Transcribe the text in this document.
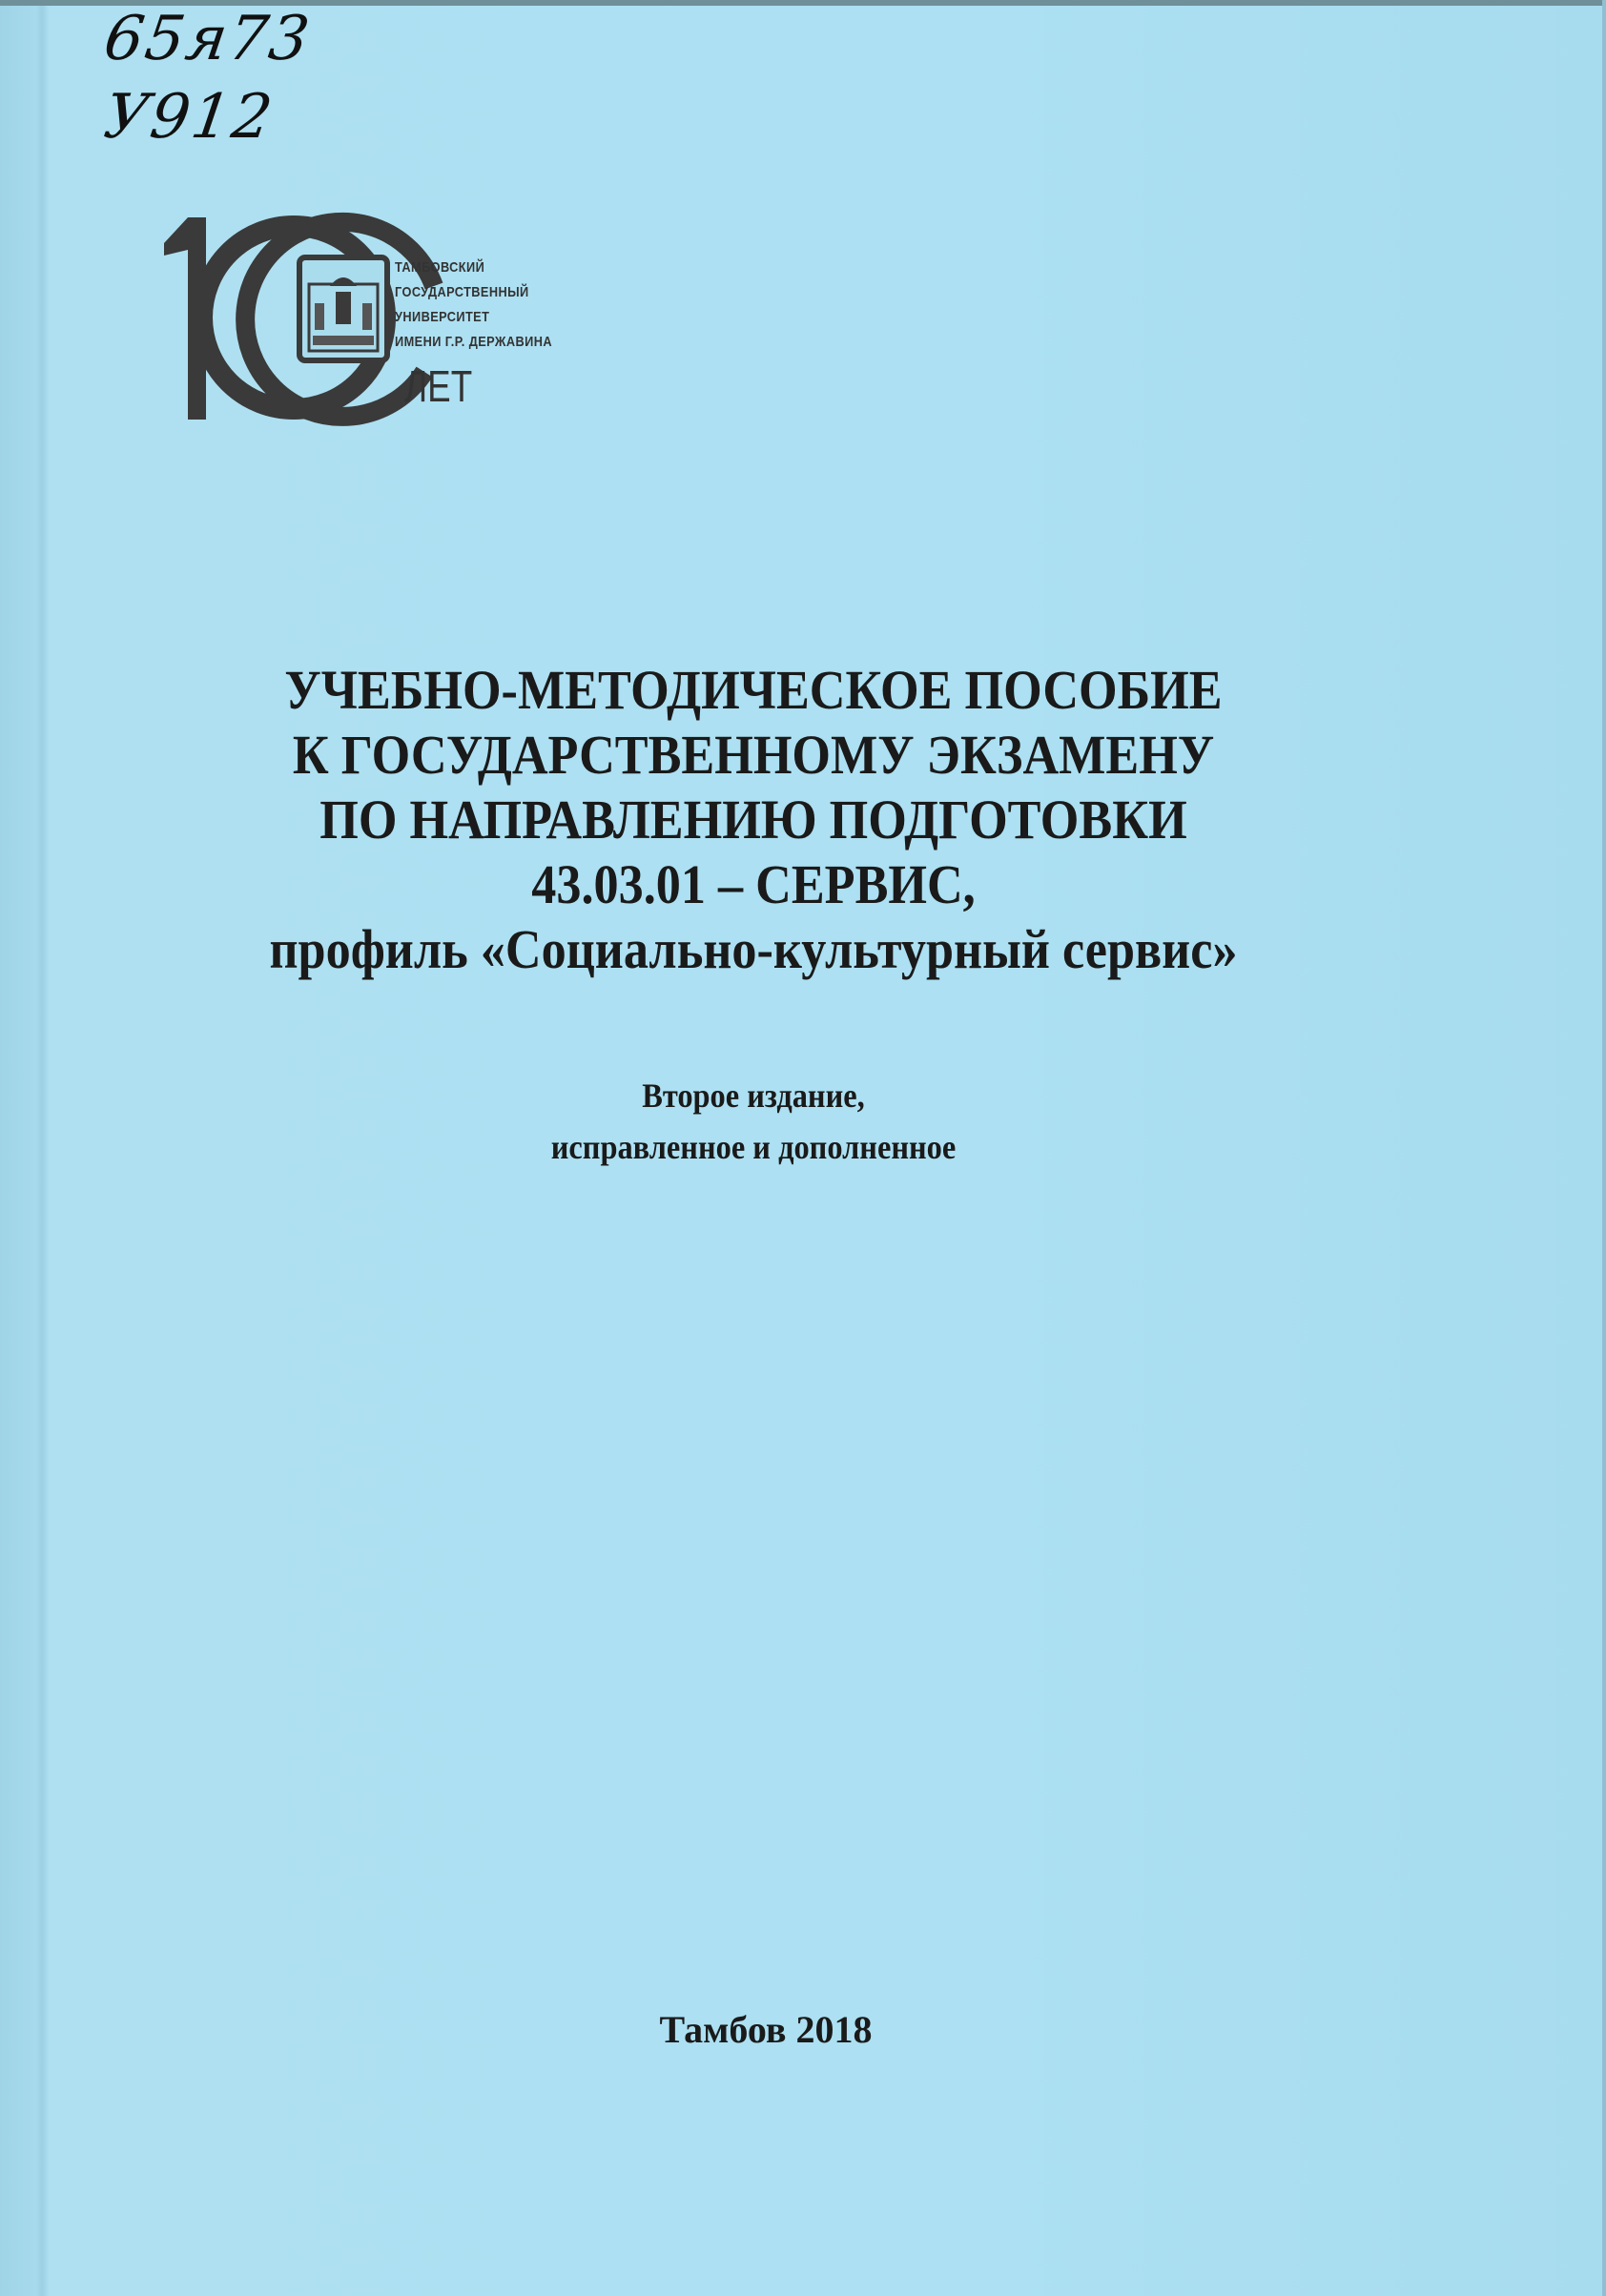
65я73
У912
ТАМБОВСКИЙ
ГОСУДАРСТВЕННЫЙ
УНИВЕРСИТЕТ
ИМЕНИ Г.Р. ДЕРЖАВИНА
ЛЕТ
УЧЕБНО-МЕТОДИЧЕСКОЕ ПОСОБИЕ
К ГОСУДАРСТВЕННОМУ ЭКЗАМЕНУ
ПО НАПРАВЛЕНИЮ ПОДГОТОВКИ
43.03.01 – СЕРВИС,
профиль «Социально-культурный сервис»
Второе издание,
исправленное и дополненное
Тамбов 2018
